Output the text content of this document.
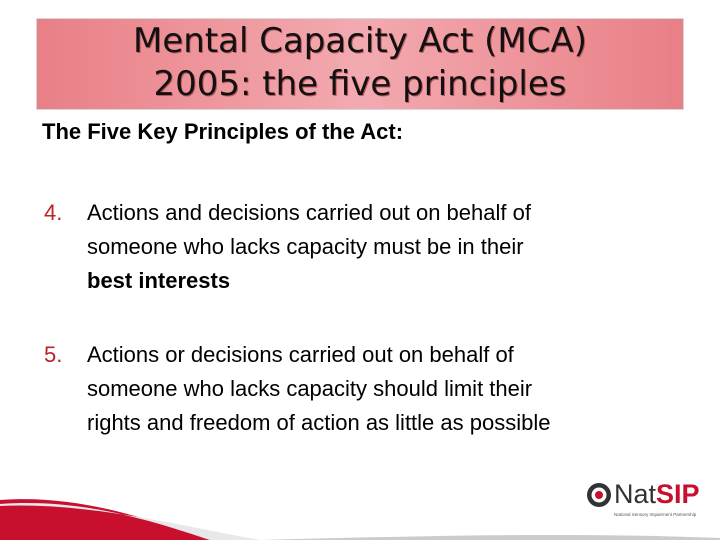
Mental Capacity Act (MCA)
2005: the five principles

The Five Key Principles of the Act:

4. Actions and decisions carried out on behalf of
someone who lacks capacity must be in their
best interests
5. Actions or decisions carried out on behalf of
someone who lacks capacity should limit their
rights and freedom of action as little as possible
NatSIP
National Sensory Impairment Partnership
